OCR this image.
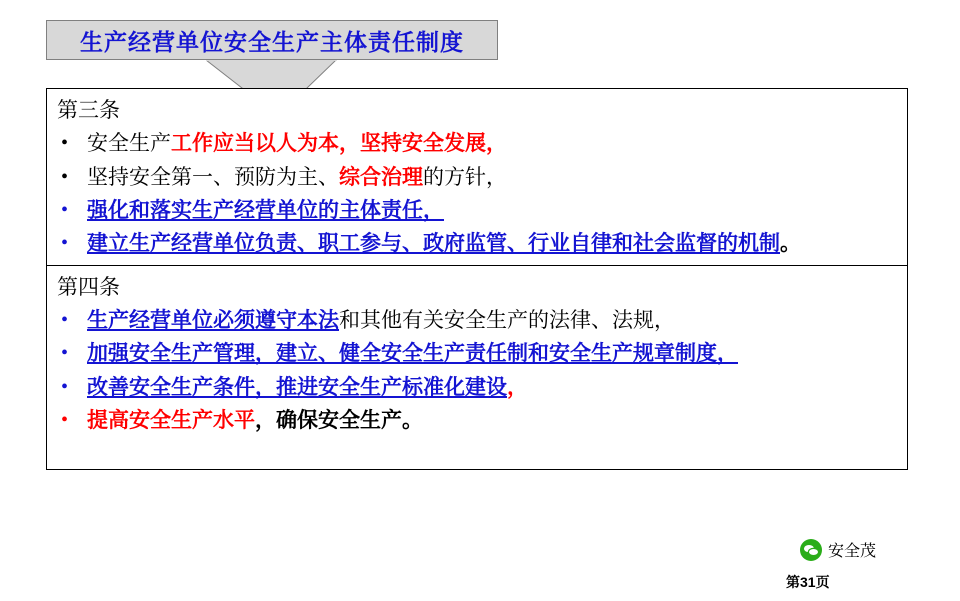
生产经营单位安全生产主体责任制度
第三条
• 安全生产工作应当以人为本，坚持安全发展，
• 坚持安全第一、预防为主、综合治理的方针，
• 强化和落实生产经营单位的主体责任，
• 建立生产经营单位负责、职工参与、政府监管、行业自律和社会监督的机制。
第四条
• 生产经营单位必须遵守本法和其他有关安全生产的法律、法规，
• 加强安全生产管理，建立、健全安全生产责任制和安全生产规章制度，
• 改善安全生产条件，推进安全生产标准化建设，
• 提高安全生产水平，确保安全生产。
安全茂
第31页
